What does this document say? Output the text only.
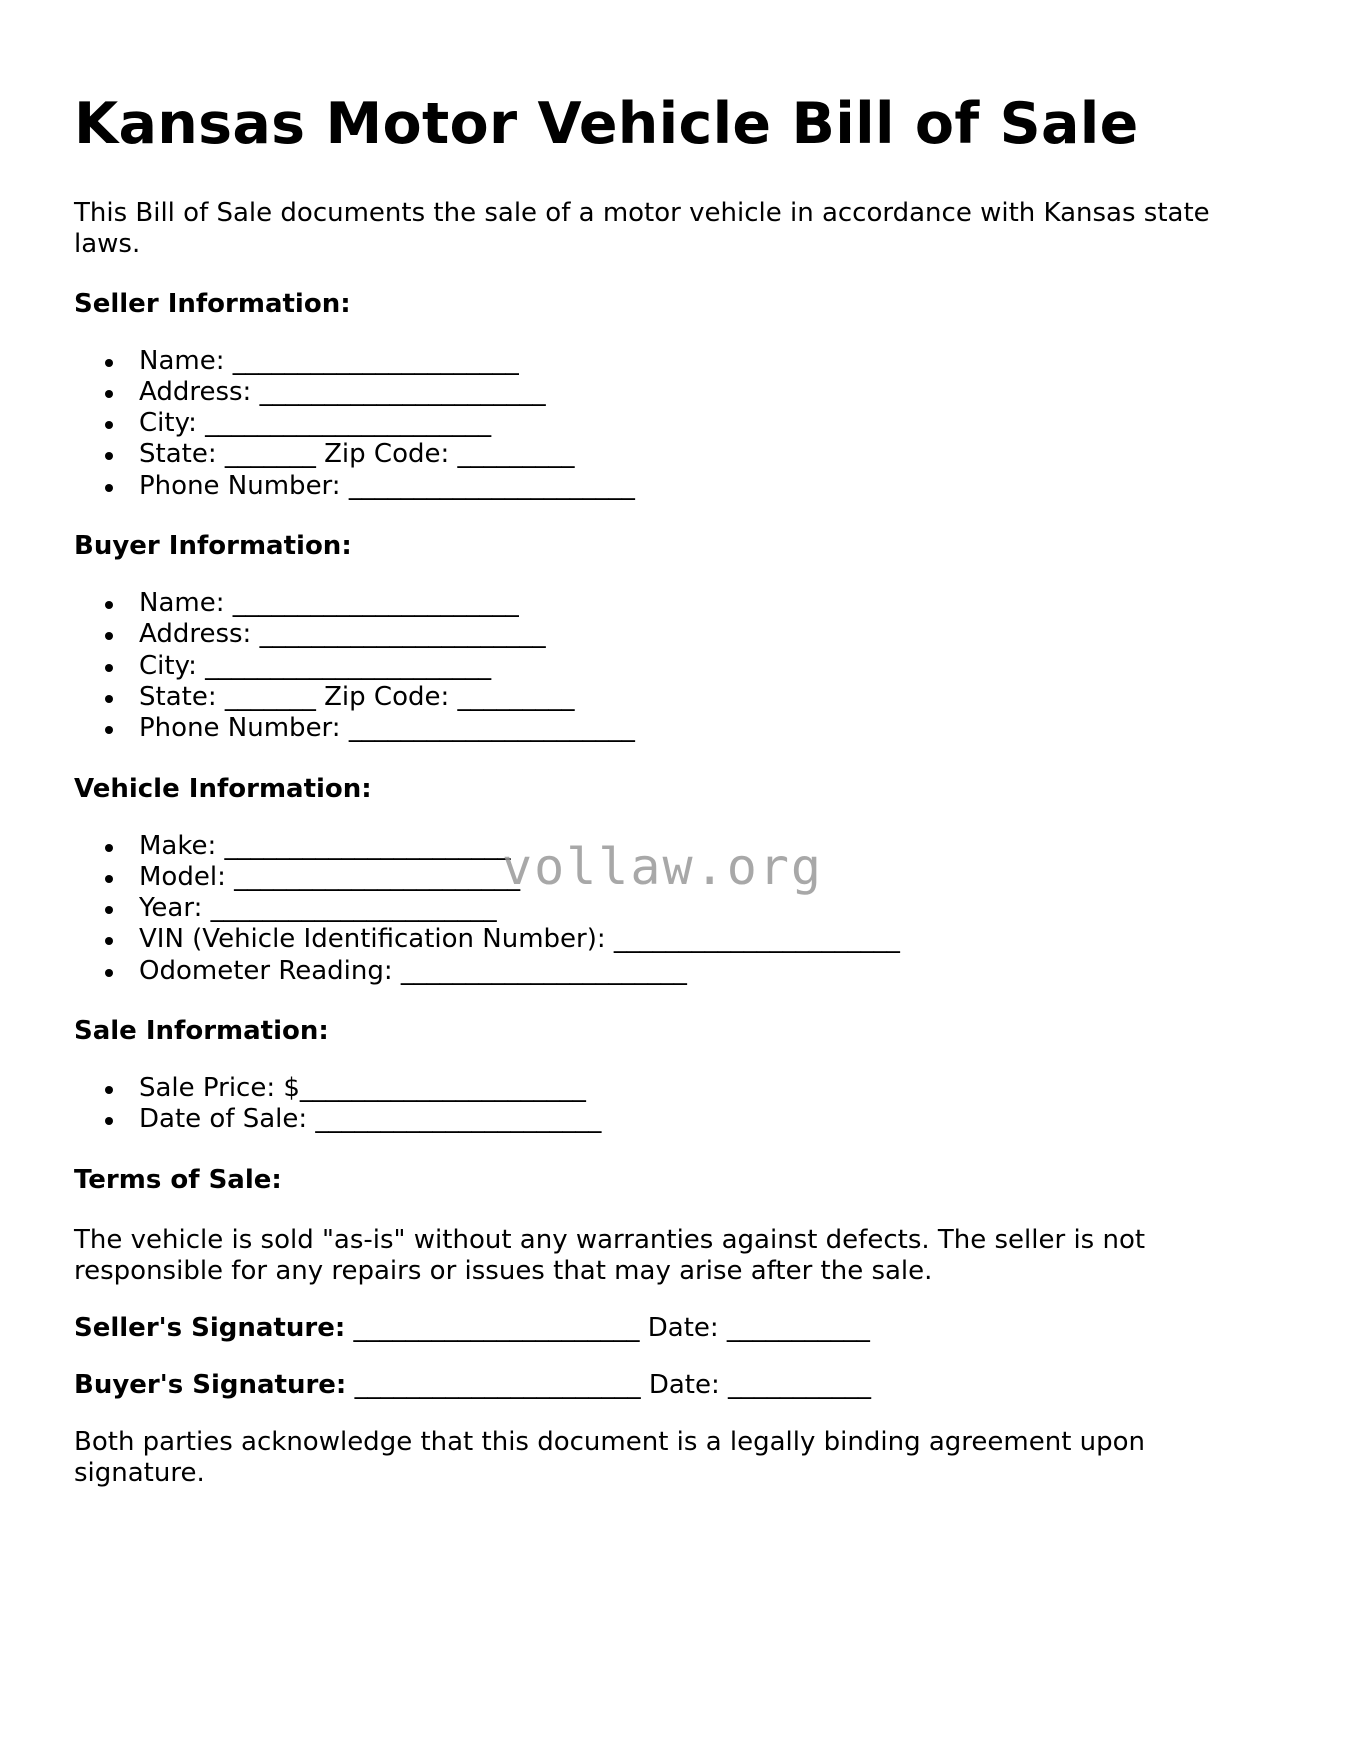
Kansas Motor Vehicle Bill of Sale

This Bill of Sale documents the sale of a motor vehicle in accordance with Kansas state laws.

Seller Information:
Name: ______________________
Address: ______________________
City: ______________________
State: _______ Zip Code: _________
Phone Number: ______________________
Buyer Information:
Name: ______________________
Address: ______________________
City: ______________________
State: _______ Zip Code: _________
Phone Number: ______________________
Vehicle Information:
Make: ______________________
Model: ______________________
Year: ______________________
VIN (Vehicle Identification Number): ______________________
Odometer Reading: ______________________
Sale Information:
Sale Price: $______________________
Date of Sale: ______________________
Terms of Sale:

The vehicle is sold "as-is" without any warranties against defects. The seller is not responsible for any repairs or issues that may arise after the sale.

Seller's Signature: ______________________ Date: ___________

Buyer's Signature: ______________________ Date: ___________

Both parties acknowledge that this document is a legally binding agreement upon signature.

vollaw.org
